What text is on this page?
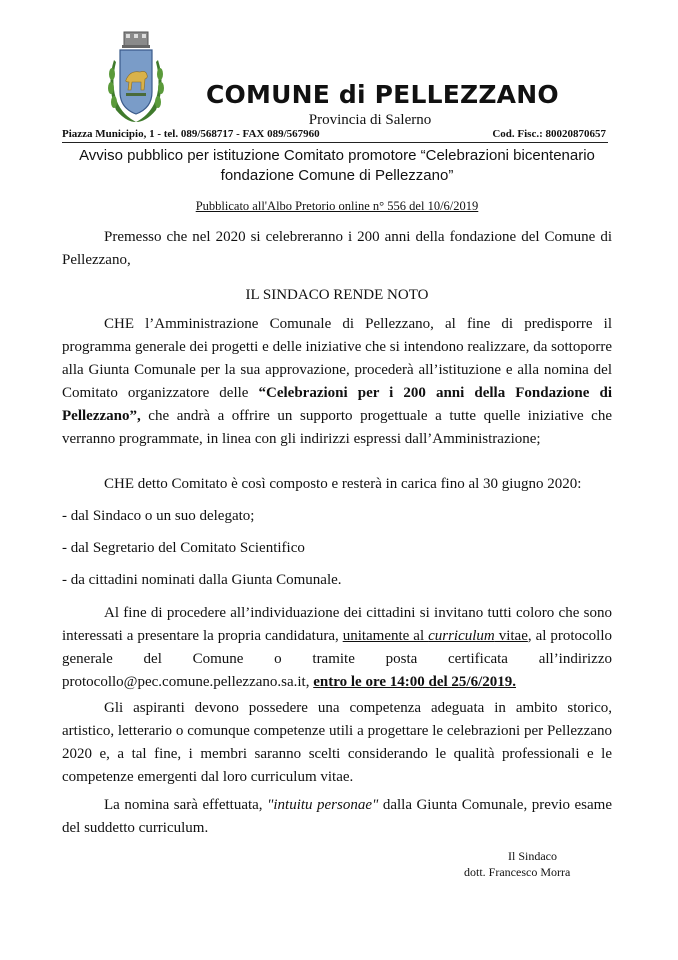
COMUNE di PELLEZZANO
Provincia di Salerno
Piazza Municipio, 1 - tel. 089/568717 - FAX 089/567960	Cod. Fisc.: 80020870657
Avviso pubblico per istituzione Comitato promotore “Celebrazioni bicentenario
fondazione Comune di Pellezzano”
Pubblicato all'Albo Pretorio online n° 556 del 10/6/2019

Premesso che nel 2020 si celebreranno i 200 anni della fondazione del Comune di Pellezzano,

IL SINDACO RENDE NOTO

CHE l’Amministrazione Comunale di Pellezzano, al fine di predisporre il programma generale dei progetti e delle iniziative che si intendono realizzare, da sottoporre alla Giunta Comunale per la sua approvazione, procederà all’istituzione e alla nomina del Comitato organizzatore delle “Celebrazioni per i 200 anni della Fondazione di Pellezzano”, che andrà a offrire un supporto progettuale a tutte quelle iniziative che verranno programmate, in linea con gli indirizzi espressi dall’Amministrazione;

CHE detto Comitato è così composto e resterà in carica fino al 30 giugno 2020:

- dal Sindaco o un suo delegato;

- dal Segretario del Comitato Scientifico

- da cittadini nominati dalla Giunta Comunale.

Al fine di procedere all’individuazione dei cittadini si invitano tutti coloro che sono interessati a presentare la propria candidatura, unitamente al curriculum vitae, al protocollo generale del Comune o tramite posta certificata all’indirizzo protocollo@pec.comune.pellezzano.sa.it, entro le ore 14:00 del 25/6/2019.

Gli aspiranti devono possedere una competenza adeguata in ambito storico, artistico, letterario o comunque competenze utili a progettare le celebrazioni per Pellezzano 2020 e, a tal fine, i membri saranno scelti considerando le qualità professionali e le competenze emergenti dal loro curriculum vitae.

La nomina sarà effettuata, "intuitu personae" dalla Giunta Comunale, previo esame del suddetto curriculum.

Il Sindaco
dott. Francesco Morra
